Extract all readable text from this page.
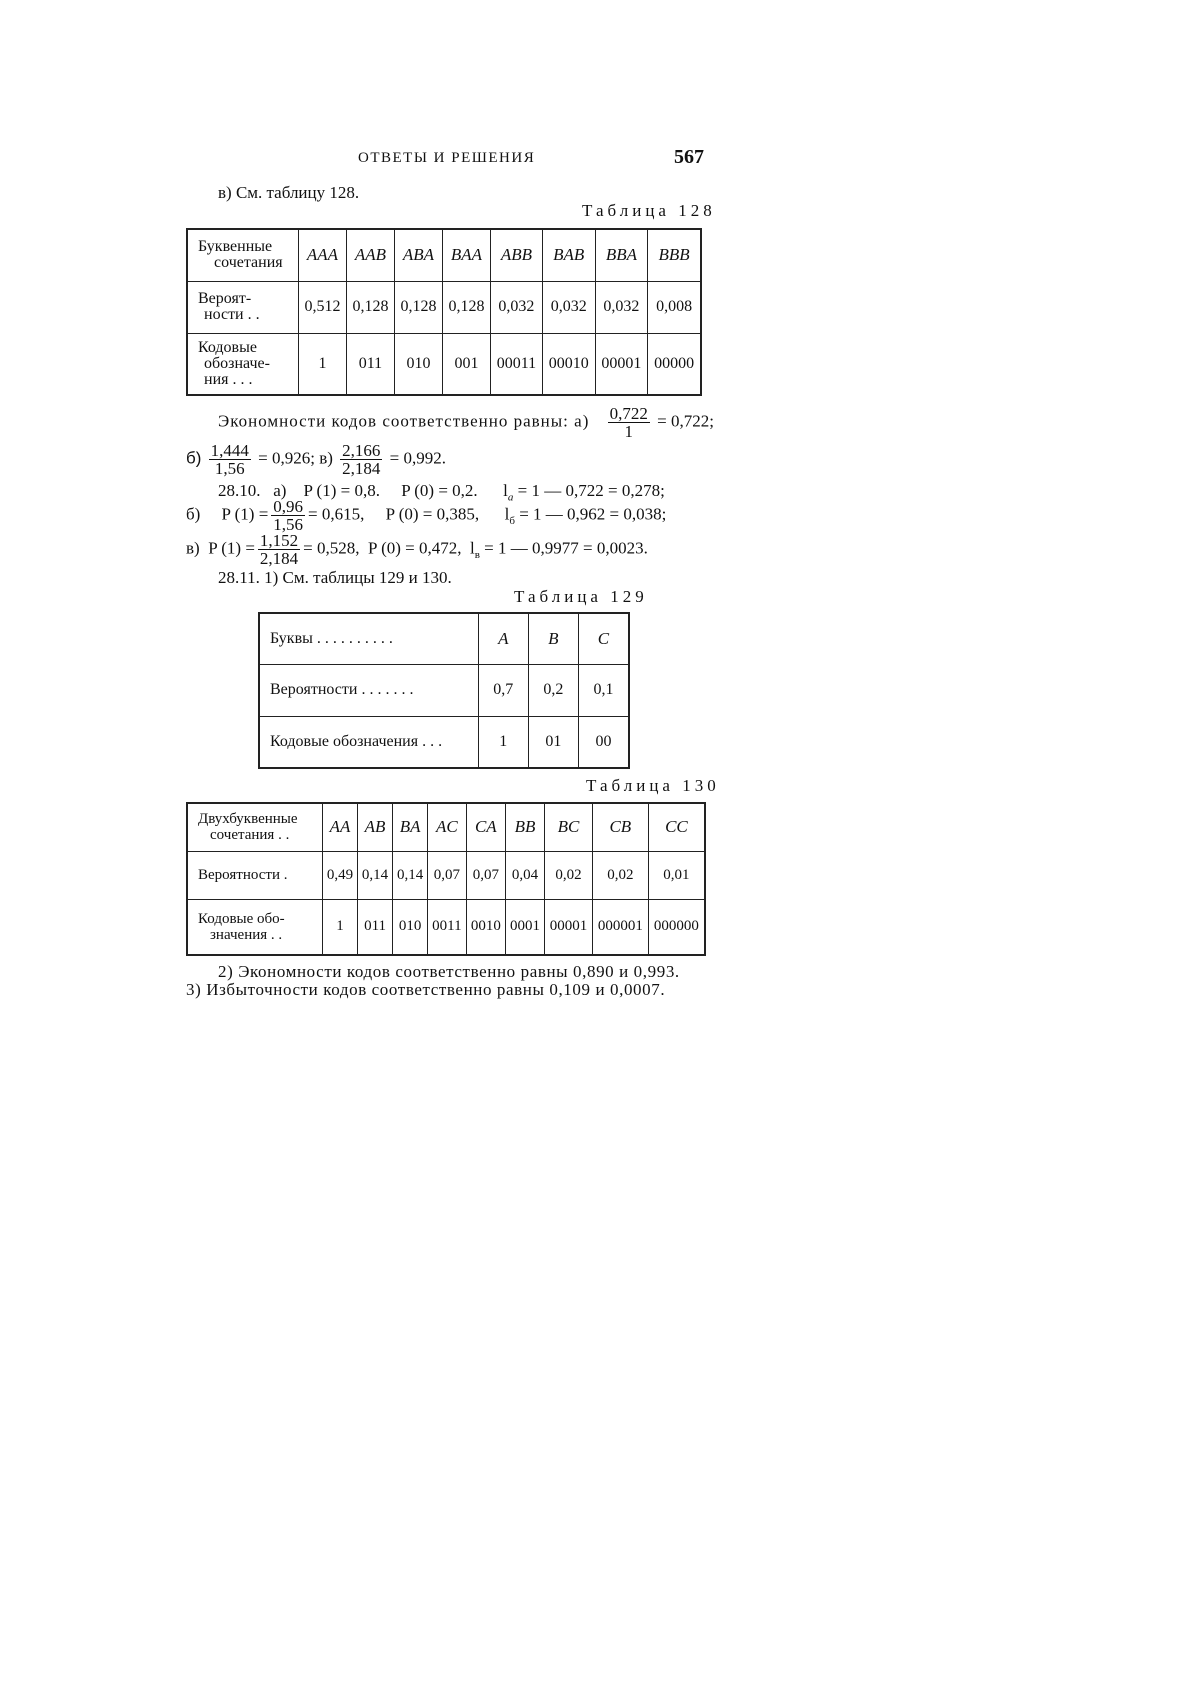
ОТВЕТЫ И РЕШЕНИЯ	567
в) См. таблицу 128.
Таблица 128
Буквенные
сочетания	AAA	AAB	ABA	BAA	ABB	BAB	BBA	BBB

Вероят-
ности . .	0,512	0,128	0,128	0,128	0,032	0,032	0,032	0,008

Кодовые
обозначе-
ния . . .	1	011	010	001	00011	00010	00001	00000
Экономности кодов соответственно равны: $а) \frac{0,722}{1} = 0,722$;
$б) \frac{1,444}{1,56} = 0,926$; $в) \frac{2,166}{2,184} = 0,992$.
28.10.   а)    P (1) = 0,8.     P (0) = 0,2.      $l_а = 1$ — 0,722 = 0,278;
б)     P $(1) = \frac{0,96}{1,56} = 0,615$,     P (0) = 0,385,      $l_б = 1$ — 0,962 = 0,038;
в)  P $(1) = \frac{1,152}{2,184} = 0,528$,  P (0) = 0,472,  $l_в = 1$ — 0,9977 = 0,0023.
28.11. 1) См. таблицы 129 и 130.
Таблица 129
Буквы . . . . . . . . . .	A	B	C
Вероятности . . . . . . .	0,7	0,2	0,1
Кодовые обозначения . . .	1	01	00
Таблица 130
Двухбуквенные
сочетания . .	AA	AB	BA	AC	CA	BB	BC	CB	CC
Вероятности .	0,49	0,14	0,14	0,07	0,07	0,04	0,02	0,02	0,01

Кодовые обо-
значения . .	1	011	010	0011	0010	0001	00001	000001	000000
2) Экономности кодов соответственно равны 0,890 и 0,993.
3) Избыточности кодов соответственно равны 0,109 и 0,0007.
